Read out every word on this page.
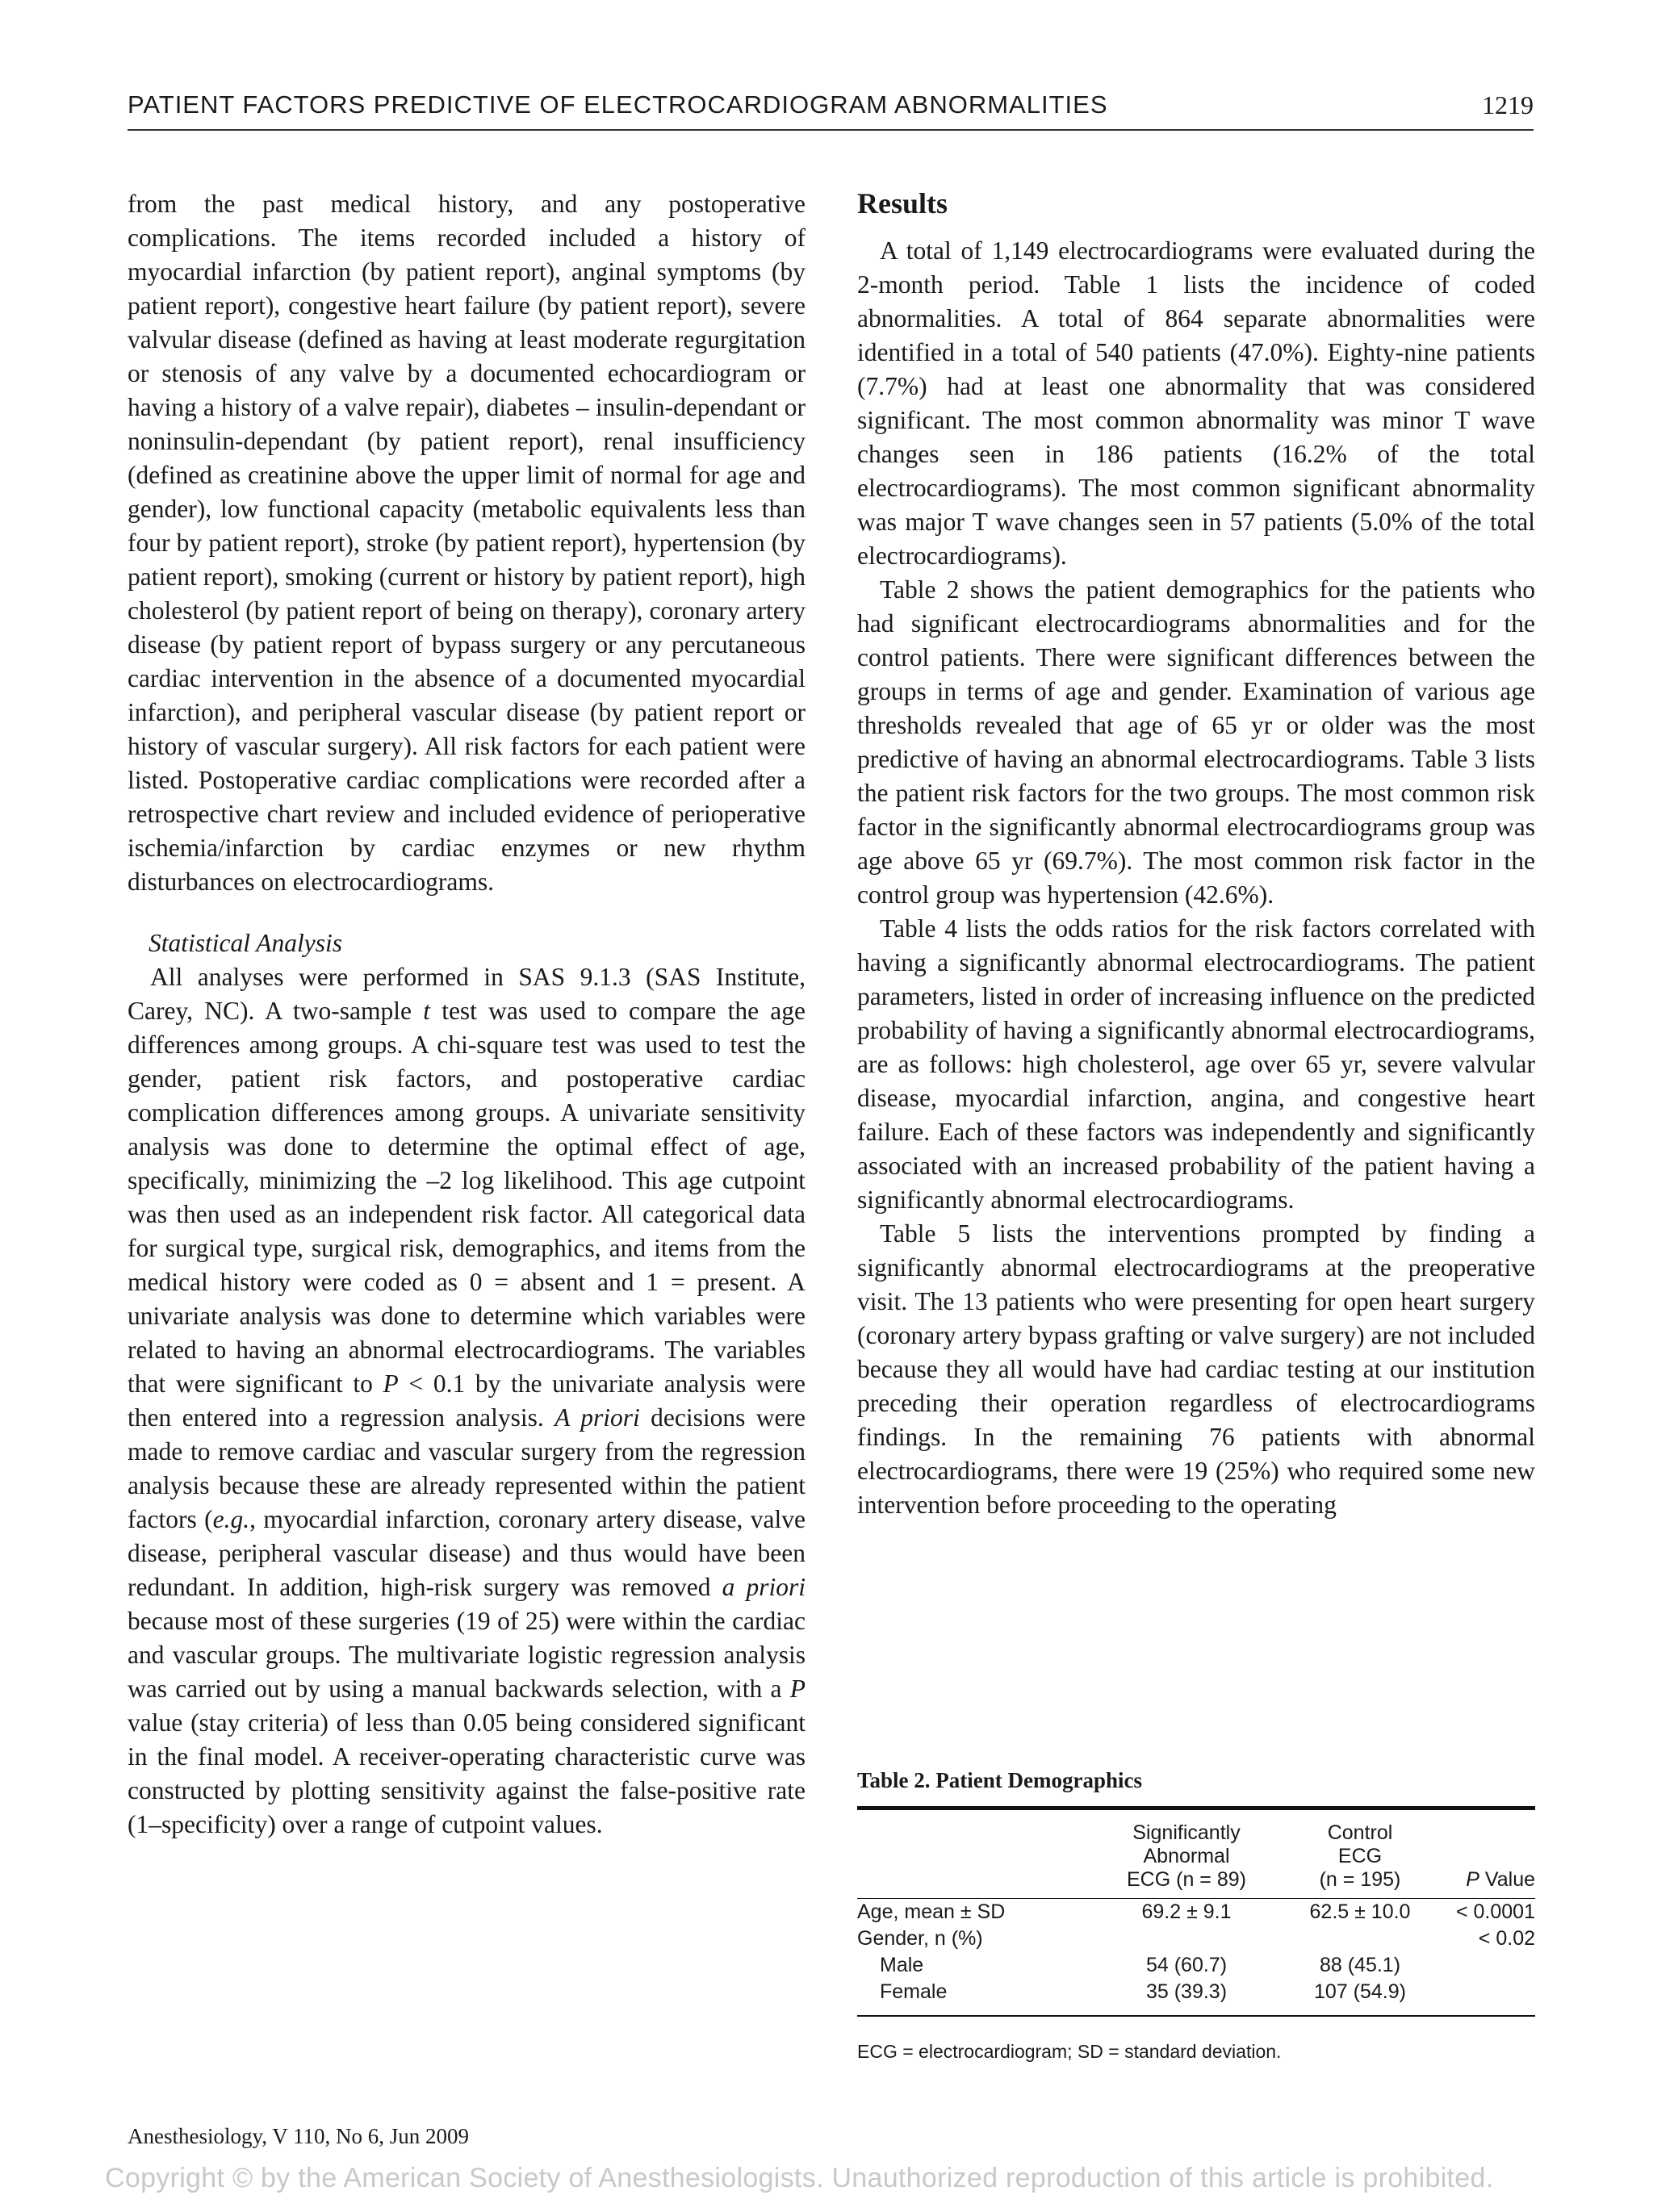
PATIENT FACTORS PREDICTIVE OF ELECTROCARDIOGRAM ABNORMALITIES	1219

from the past medical history, and any postoperative complications. The items recorded included a history of myocardial infarction (by patient report), anginal symptoms (by patient report), congestive heart failure (by patient report), severe valvular disease (defined as having at least moderate regurgitation or stenosis of any valve by a documented echocardiogram or having a history of a valve repair), diabetes – insulin-dependant or noninsulin-dependant (by patient report), renal insufficiency (defined as creatinine above the upper limit of normal for age and gender), low functional capacity (metabolic equivalents less than four by patient report), stroke (by patient report), hypertension (by patient report), smoking (current or history by patient report), high cholesterol (by patient report of being on therapy), coronary artery disease (by patient report of bypass surgery or any percutaneous cardiac intervention in the absence of a documented myocardial infarction), and peripheral vascular disease (by patient report or history of vascular surgery). All risk factors for each patient were listed. Postoperative cardiac complications were recorded after a retrospective chart review and included evidence of perioperative ischemia/infarction by cardiac enzymes or new rhythm disturbances on electrocardiograms.

Statistical Analysis

All analyses were performed in SAS 9.1.3 (SAS Institute, Carey, NC). A two-sample t test was used to compare the age differences among groups. A chi-square test was used to test the gender, patient risk factors, and postoperative cardiac complication differences among groups. A univariate sensitivity analysis was done to determine the optimal effect of age, specifically, minimizing the –2 log likelihood. This age cutpoint was then used as an independent risk factor. All categorical data for surgical type, surgical risk, demographics, and items from the medical history were coded as 0 = absent and 1 = present. A univariate analysis was done to determine which variables were related to having an abnormal electrocardiograms. The variables that were significant to P < 0.1 by the univariate analysis were then entered into a regression analysis. A priori decisions were made to remove cardiac and vascular surgery from the regression analysis because these are already represented within the patient factors (e.g., myocardial infarction, coronary artery disease, valve disease, peripheral vascular disease) and thus would have been redundant. In addition, high-risk surgery was removed a priori because most of these surgeries (19 of 25) were within the cardiac and vascular groups. The multivariate logistic regression analysis was carried out by using a manual backwards selection, with a P value (stay criteria) of less than 0.05 being considered significant in the final model. A receiver-operating characteristic curve was constructed by plotting sensitivity against the false-positive rate (1–specificity) over a range of cutpoint values.

Results

A total of 1,149 electrocardiograms were evaluated during the 2-month period. Table 1 lists the incidence of coded abnormalities. A total of 864 separate abnormalities were identified in a total of 540 patients (47.0%). Eighty-nine patients (7.7%) had at least one abnormality that was considered significant. The most common abnormality was minor T wave changes seen in 186 patients (16.2% of the total electrocardiograms). The most common significant abnormality was major T wave changes seen in 57 patients (5.0% of the total electrocardiograms).

Table 2 shows the patient demographics for the patients who had significant electrocardiograms abnormalities and for the control patients. There were significant differences between the groups in terms of age and gender. Examination of various age thresholds revealed that age of 65 yr or older was the most predictive of having an abnormal electrocardiograms. Table 3 lists the patient risk factors for the two groups. The most common risk factor in the significantly abnormal electrocardiograms group was age above 65 yr (69.7%). The most common risk factor in the control group was hypertension (42.6%).

Table 4 lists the odds ratios for the risk factors correlated with having a significantly abnormal electrocardiograms. The patient parameters, listed in order of increasing influence on the predicted probability of having a significantly abnormal electrocardiograms, are as follows: high cholesterol, age over 65 yr, severe valvular disease, myocardial infarction, angina, and congestive heart failure. Each of these factors was independently and significantly associated with an increased probability of the patient having a significantly abnormal electrocardiograms.

Table 5 lists the interventions prompted by finding a significantly abnormal electrocardiograms at the preoperative visit. The 13 patients who were presenting for open heart surgery (coronary artery bypass grafting or valve surgery) are not included because they all would have had cardiac testing at our institution preceding their operation regardless of electrocardiograms findings. In the remaining 76 patients with abnormal electrocardiograms, there were 19 (25%) who required some new intervention before proceeding to the operating

Table 2. Patient Demographics
	Significantly
Abnormal
ECG (n = 89)	Control
ECG
(n = 195)	P Value

Age, mean ± SD	69.2 ± 9.1	62.5 ± 10.0	< 0.0001
Gender, n (%)			< 0.02
Male	54 (60.7)	88 (45.1)	
Female	35 (39.3)	107 (54.9)	
ECG = electrocardiogram; SD = standard deviation.
Anesthesiology, V 110, No 6, Jun 2009
Copyright © by the American Society of Anesthesiologists. Unauthorized reproduction of this article is prohibited.
